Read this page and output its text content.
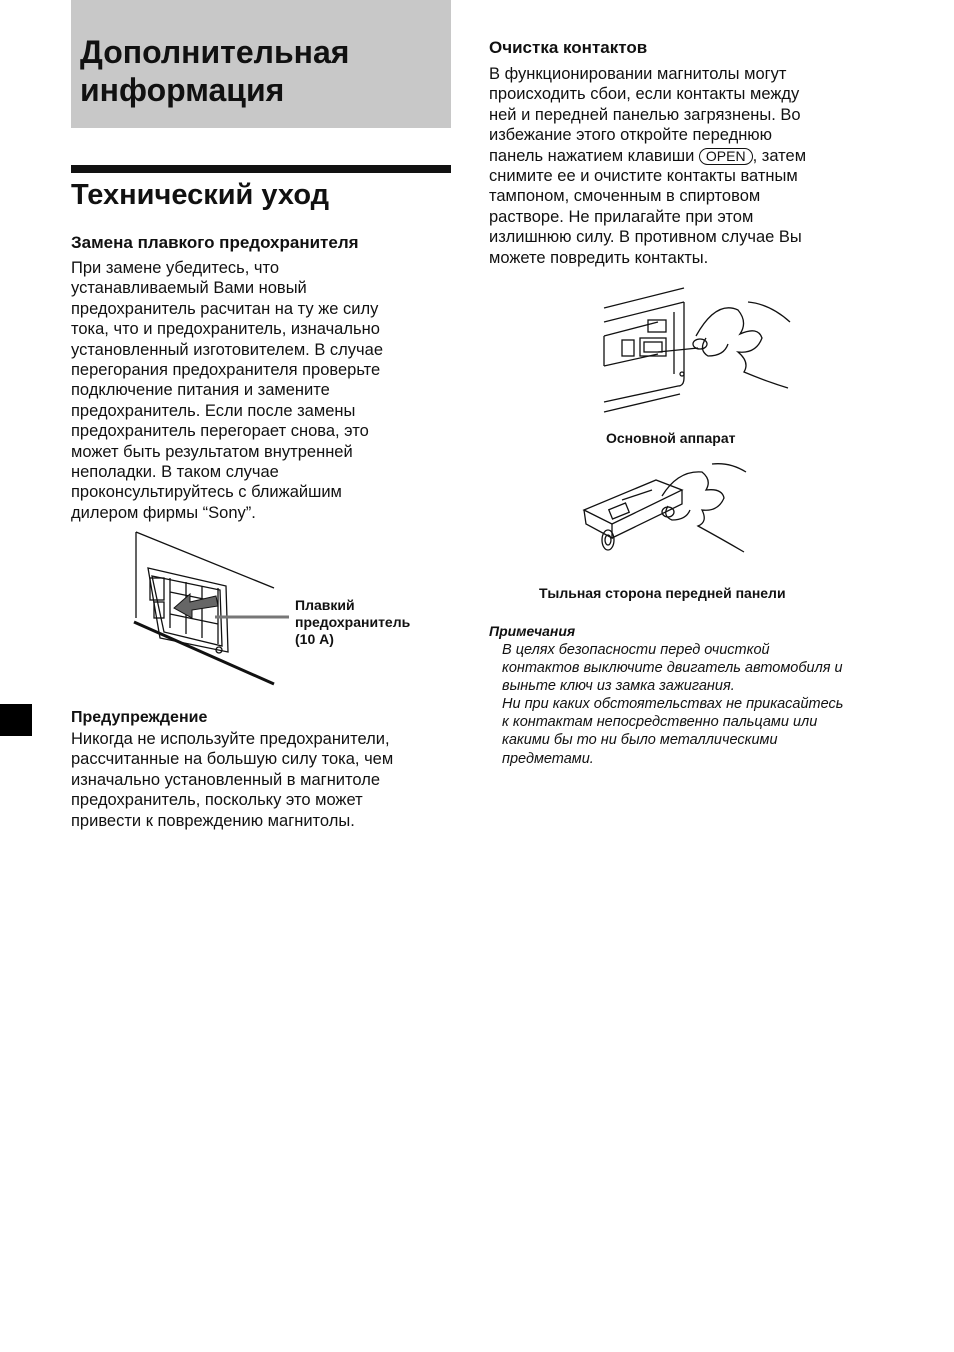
Дополнительная информация
Технический уход
Замена плавкого предохранителя

При замене убедитесь, что
устанавливаемый Вами новый
предохранитель расчитан на ту же силу
тока, что и предохранитель, изначально
установленный изготовителем. В случае
перегорания предохранителя проверьте
подключение питания и замените
предохранитель. Если после замены
предохранитель перегорает снова, это
может быть результатом внутренней
неполадки. В таком случае
проконсультируйтесь с ближайшим
дилером фирмы “Sony”.

Плавкий
предохранитель
(10 A)

Предупреждение

Никогда не используйте предохранители,
рассчитанные на большую силу тока, чем
изначально установленный в магнитоле
предохранитель, поскольку это может
привести к повреждению магнитолы.

Очистка контактов

В функционировании магнитолы могут
происходить сбои, если контакты между
ней и передней панелью загрязнены. Во
избежание этого откройте переднюю
панель нажатием клавиши OPEN , затем
снимите ее и очистите контакты ватным
тампоном, смоченным в спиртовом
растворе. Не прилагайте при этом
излишнюю силу. В противном случае Вы
можете повредить контакты.

Основной аппарат

Тыльная сторона передней панели

Примечания

В целях безопасности перед очисткой
контактов выключите двигатель автомобиля и
выньте ключ из замка зажигания.

Ни при каких обстоятельствах не прикасайтесь
к контактам непосредственно пальцами или
какими бы то ни было металлическими
предметами.
